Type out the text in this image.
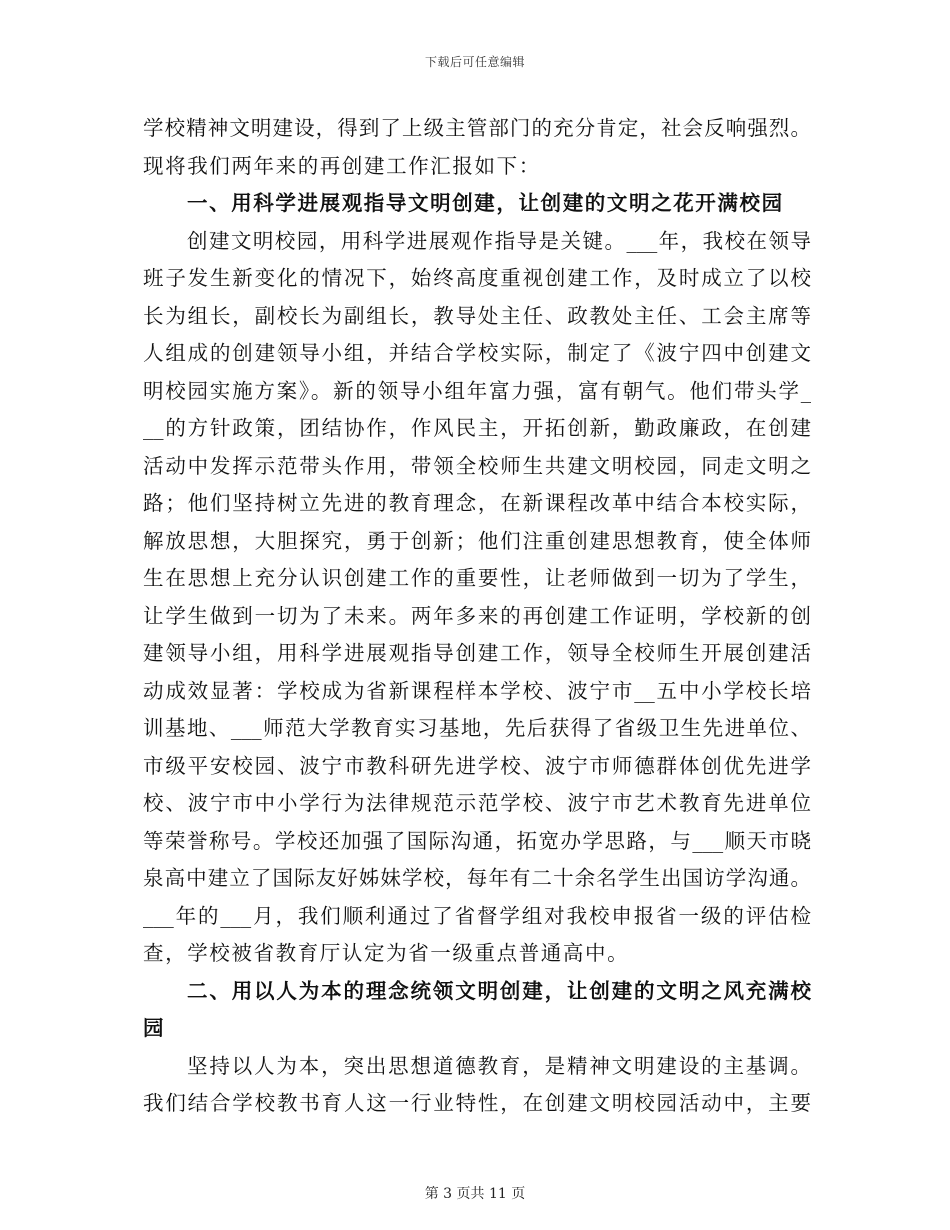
下载后可任意编辑
学校精神文明建设，得到了上级主管部门的充分肯定，社会反响强烈。
现将我们两年来的再创建工作汇报如下：
一、用科学进展观指导文明创建，让创建的文明之花开满校园
创建文明校园，用科学进展观作指导是关键。___年，我校在领导
班子发生新变化的情况下，始终高度重视创建工作，及时成立了以校
长为组长，副校长为副组长，教导处主任、政教处主任、工会主席等
人组成的创建领导小组，并结合学校实际，制定了《波宁四中创建文
明校园实施方案》。新的领导小组年富力强，富有朝气。他们带头学_
__的方针政策，团结协作，作风民主，开拓创新，勤政廉政，在创建
活动中发挥示范带头作用，带领全校师生共建文明校园，同走文明之
路；他们坚持树立先进的教育理念，在新课程改革中结合本校实际，
解放思想，大胆探究，勇于创新；他们注重创建思想教育，使全体师
生在思想上充分认识创建工作的重要性，让老师做到一切为了学生，
让学生做到一切为了未来。两年多来的再创建工作证明，学校新的创
建领导小组，用科学进展观指导创建工作，领导全校师生开展创建活
动成效显著：学校成为省新课程样本学校、波宁市__五中小学校长培
训基地、___师范大学教育实习基地，先后获得了省级卫生先进单位、
市级平安校园、波宁市教科研先进学校、波宁市师德群体创优先进学
校、波宁市中小学行为法律规范示范学校、波宁市艺术教育先进单位
等荣誉称号。学校还加强了国际沟通，拓宽办学思路，与___顺天市晓
泉高中建立了国际友好姊妹学校，每年有二十余名学生出国访学沟通。
___年的___月，我们顺利通过了省督学组对我校申报省一级的评估检
查，学校被省教育厅认定为省一级重点普通高中。
二、用以人为本的理念统领文明创建，让创建的文明之风充满校
园
坚持以人为本，突出思想道德教育，是精神文明建设的主基调。
我们结合学校教书育人这一行业特性，在创建文明校园活动中，主要
第 3 页共 11 页
